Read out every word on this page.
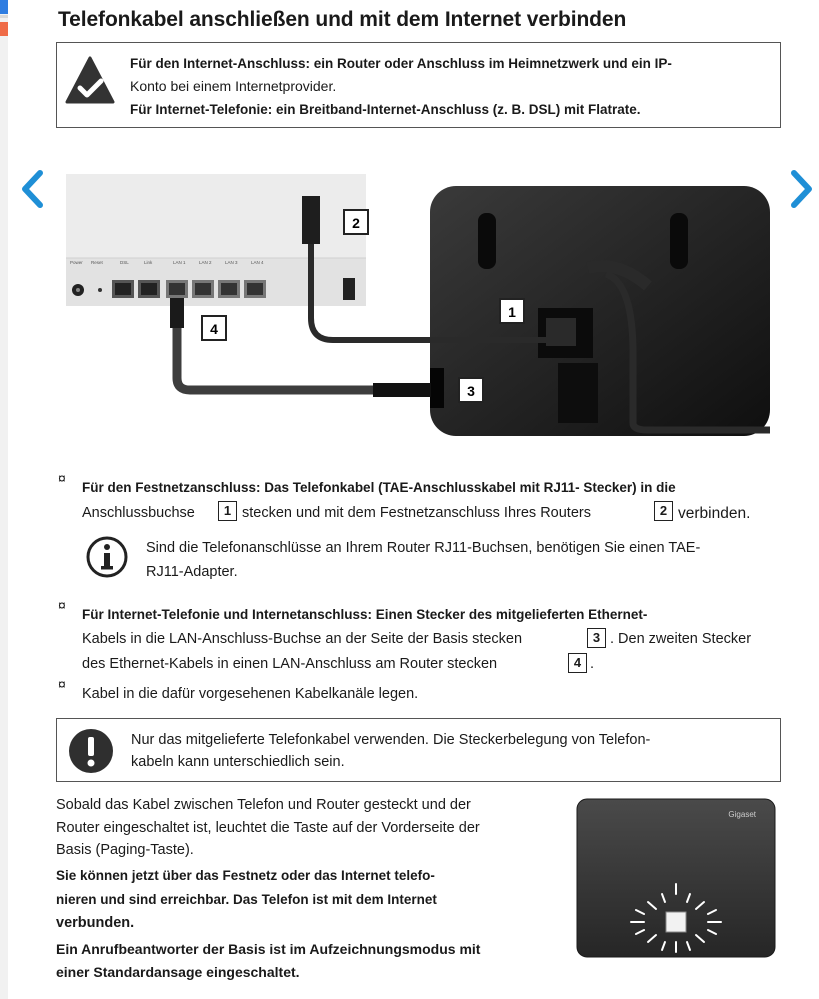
Telefonkabel anschließen und mit dem Internet verbinden
Für den Internet-Anschluss: ein Router oder Anschluss im Heimnetzwerk und ein IP-
Konto bei einem Internetprovider.
Für Internet-Telefonie: ein Breitband-Internet-Anschluss (z. B. DSL) mit Flatrate.
Power Reset	DSL	Link	LAN 1	LAN 2	LAN 3	LAN 4
1
2
3
4
¤
Für den Festnetzanschluss: Das Telefonkabel (TAE-Anschlusskabel mit RJ11- Stecker) in die
Anschlussbuchse	1 stecken und mit dem Festnetzanschluss Ihres Routers	2 verbinden.
Sind die Telefonanschlüsse an Ihrem Router RJ11-Buchsen, benötigen Sie einen TAE-
RJ11-Adapter.
¤
Für Internet-Telefonie und Internetanschluss: Einen Stecker des mitgelieferten Ethernet-
Kabels in die LAN-Anschluss-Buchse an der Seite der Basis stecken	3 . Den zweiten Stecker
des Ethernet-Kabels in einen LAN-Anschluss am Router stecken	4 .
¤
Kabel in die dafür vorgesehenen Kabelkanäle legen.
Nur das mitgelieferte Telefonkabel verwenden. Die Steckerbelegung von Telefon-
kabeln kann unterschiedlich sein.
Sobald das Kabel zwischen Telefon und Router gesteckt und der
Router eingeschaltet ist, leuchtet die Taste auf der Vorderseite der
Basis (Paging-Taste).
Sie können jetzt über das Festnetz oder das Internet telefo-
nieren und sind erreichbar. Das Telefon ist mit dem Internet
verbunden.
Ein Anrufbeantworter der Basis ist im Aufzeichnungsmodus mit
einer Standardansage eingeschaltet.
Gigaset
